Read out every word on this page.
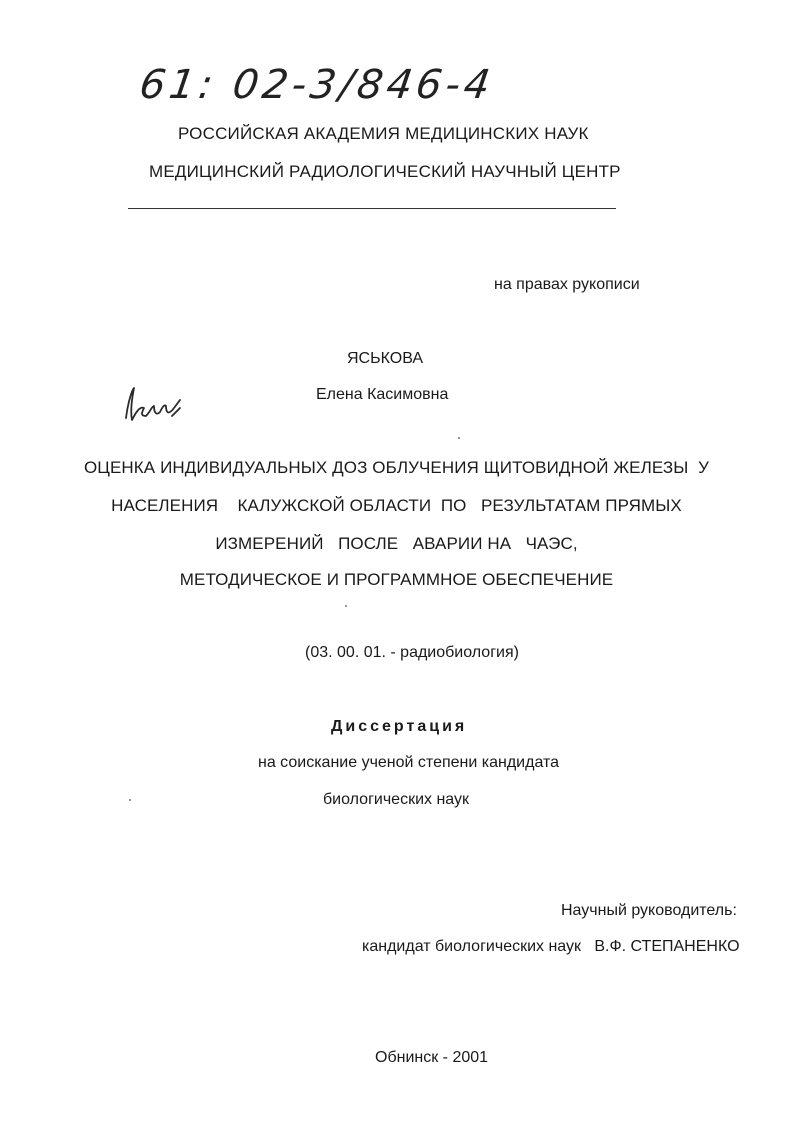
61: 02-3/846-4
РОССИЙСКАЯ АКАДЕМИЯ МЕДИЦИНСКИХ НАУК
МЕДИЦИНСКИЙ РАДИОЛОГИЧЕСКИЙ НАУЧНЫЙ ЦЕНТР
на правах рукописи
ЯСЬКОВА
Елена Касимовна
ОЦЕНКА ИНДИВИДУАЛЬНЫХ ДОЗ ОБЛУЧЕНИЯ ЩИТОВИДНОЙ ЖЕЛЕЗЫ  У
НАСЕЛЕНИЯ    КАЛУЖСКОЙ ОБЛАСТИ  ПО   РЕЗУЛЬТАТАМ ПРЯМЫХ
ИЗМЕРЕНИЙ   ПОСЛЕ   АВАРИИ НА   ЧАЭС,
МЕТОДИЧЕСКОЕ И ПРОГРАММНОЕ ОБЕСПЕЧЕНИЕ
(03. 00. 01. - радиобиология)
Диссертация
на соискание ученой степени кандидата
биологических наук
Научный руководитель:
кандидат биологических наук   В.Ф. СТЕПАНЕНКО
Обнинск - 2001
